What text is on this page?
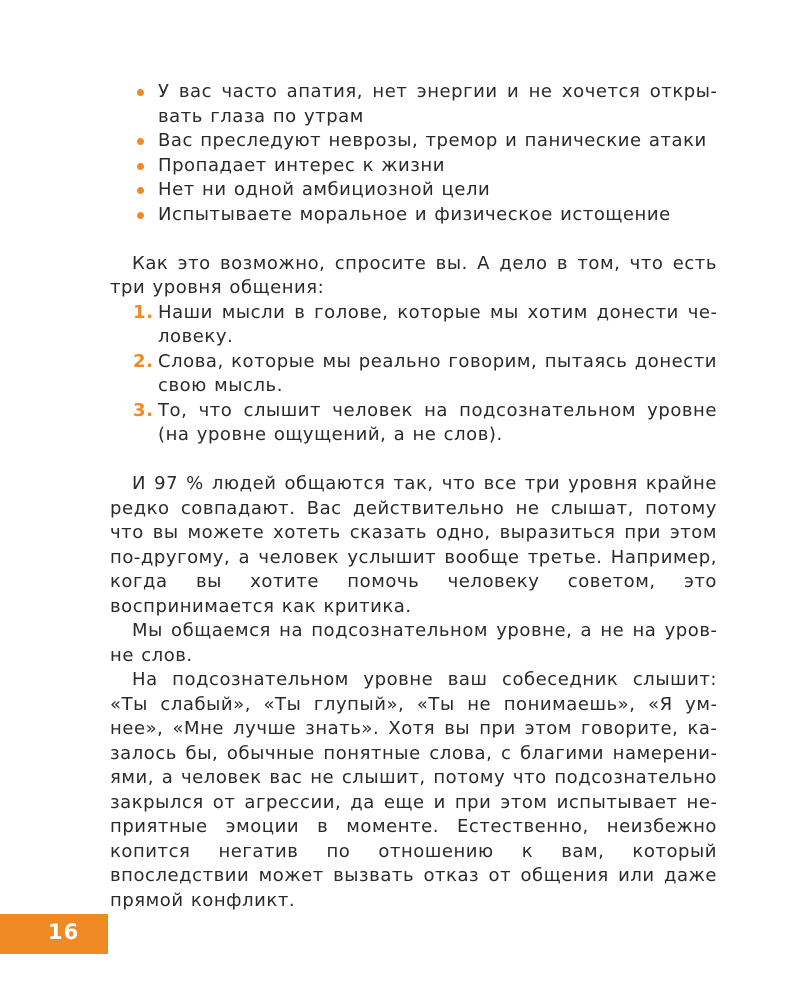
У вас часто апатия, нет энергии и не хочется открывать глаза по утрам
Вас преследуют неврозы, тремор и панические атаки
Пропадает интерес к жизни
Нет ни одной амбициозной цели
Испытываете моральное и физическое истощение

Как это возможно, спросите вы. А дело в том, что есть три уровня общения:

1. Наши мысли в голове, которые мы хотим донести человеку.
2. Слова, которые мы реально говорим, пытаясь донести свою мысль.
3. То, что слышит человек на подсознательном уровне (на уровне ощущений, а не слов).

И 97 % людей общаются так, что все три уровня крайне редко совпадают. Вас действительно не слышат, потому что вы можете хотеть сказать одно, выразиться при этом по-другому, а человек услышит вообще третье. Например, когда вы хотите помочь человеку советом, это воспринимается как критика.

Мы общаемся на подсознательном уровне, а не на уровне слов.

На подсознательном уровне ваш собеседник слышит: «Ты слабый», «Ты глупый», «Ты не понимаешь», «Я умнее», «Мне лучше знать». Хотя вы при этом говорите, казалось бы, обычные понятные слова, с благими намерениями, а человек вас не слышит, потому что подсознательно закрылся от агрессии, да еще и при этом испытывает неприятные эмоции в моменте. Естественно, неизбежно копится негатив по отношению к вам, который впоследствии может вызвать отказ от общения или даже прямой конфликт.

16
